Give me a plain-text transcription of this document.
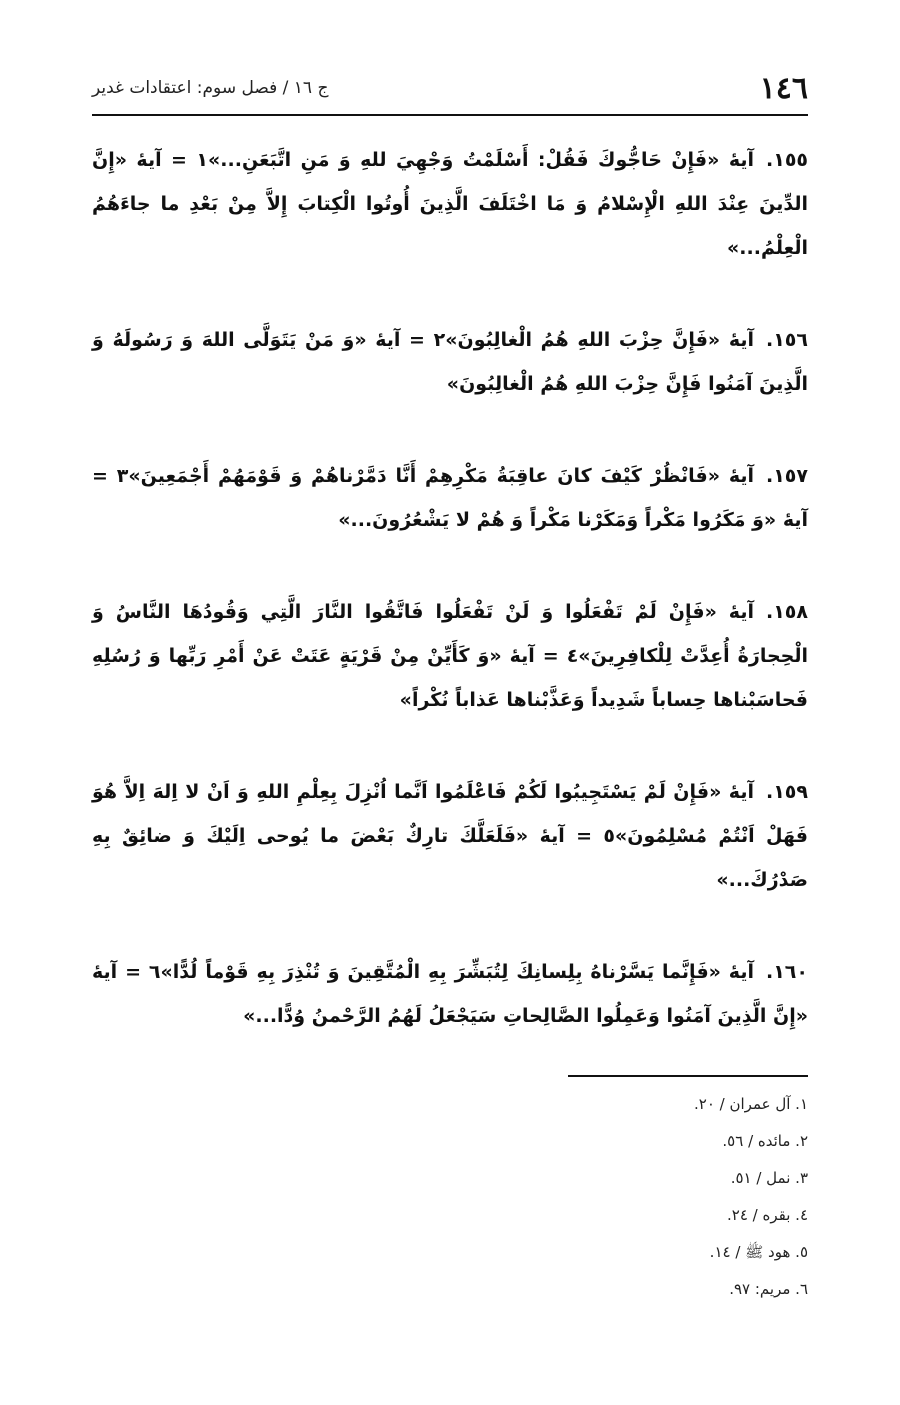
١٤٦
ج ١٦ / فصل سوم: اعتقادات غدير

١٥٥.آيهٔ «فَإِنْ حَاجُّوكَ فَقُلْ: أَسْلَمْتُ وَجْهِيَ للهِ وَ مَنِ اتَّبَعَنِ...»١ = آيهٔ «إِنَّ الدِّينَ عِنْدَ اللهِ الْإِسْلامُ وَ مَا اخْتَلَفَ الَّذِينَ أُوتُوا الْكِتابَ إِلاَّ مِنْ بَعْدِ ما جاءَهُمُ الْعِلْمُ...»

١٥٦.آيهٔ «فَإِنَّ حِزْبَ اللهِ هُمُ الْغالِبُونَ»٢ = آيهٔ «وَ مَنْ يَتَوَلَّى اللهَ وَ رَسُولَهُ وَ الَّذِينَ آمَنُوا فَإِنَّ حِزْبَ اللهِ هُمُ الْغالِبُونَ»

١٥٧.آيهٔ «فَانْظُرْ كَيْفَ كانَ عاقِبَةُ مَكْرِهِمْ أَنَّا دَمَّرْناهُمْ وَ قَوْمَهُمْ أَجْمَعِينَ»٣ = آيهٔ «وَ مَكَرُوا مَكْراً وَمَكَرْنا مَكْراً وَ هُمْ لا يَشْعُرُونَ...»

١٥٨.آيهٔ «فَإِنْ لَمْ تَفْعَلُوا وَ لَنْ تَفْعَلُوا فَاتَّقُوا النَّارَ الَّتِي وَقُودُهَا النَّاسُ وَ الْحِجارَةُ أُعِدَّتْ لِلْكافِرِينَ»٤ = آيهٔ «وَ كَأَيِّنْ مِنْ قَرْيَةٍ عَتَتْ عَنْ أَمْرِ رَبِّها وَ رُسُلِهِ فَحاسَبْناها حِساباً شَدِيداً وَعَذَّبْناها عَذاباً نُكْراً»

١٥٩.آيهٔ «فَإِنْ لَمْ يَسْتَجِيبُوا لَكُمْ فَاعْلَمُوا اَنَّما اُنْزِلَ بِعِلْمِ اللهِ وَ اَنْ لا اِلهَ اِلاَّ هُوَ فَهَلْ اَنْتُمْ مُسْلِمُونَ»٥ = آيهٔ «فَلَعَلَّكَ تارِكٌ بَعْضَ ما يُوحى اِلَيْكَ وَ ضائِقٌ بِهِ صَدْرُكَ...»

١٦٠.آيهٔ «فَإِنَّما يَسَّرْناهُ بِلِسانِكَ لِتُبَشِّرَ بِهِ الْمُتَّقِينَ وَ تُنْذِرَ بِهِ قَوْماً لُدًّا»٦ = آيهٔ «إِنَّ الَّذِينَ آمَنُوا وَعَمِلُوا الصَّالِحاتِ سَيَجْعَلُ لَهُمُ الرَّحْمنُ وُدًّا...»

١. آل عمران / ٢٠.
٢. مائده / ٥٦.
٣. نمل / ٥١.
٤. بقره / ٢٤.
٥. هود ﷺ / ١٤.
٦. مريم: ٩٧.
